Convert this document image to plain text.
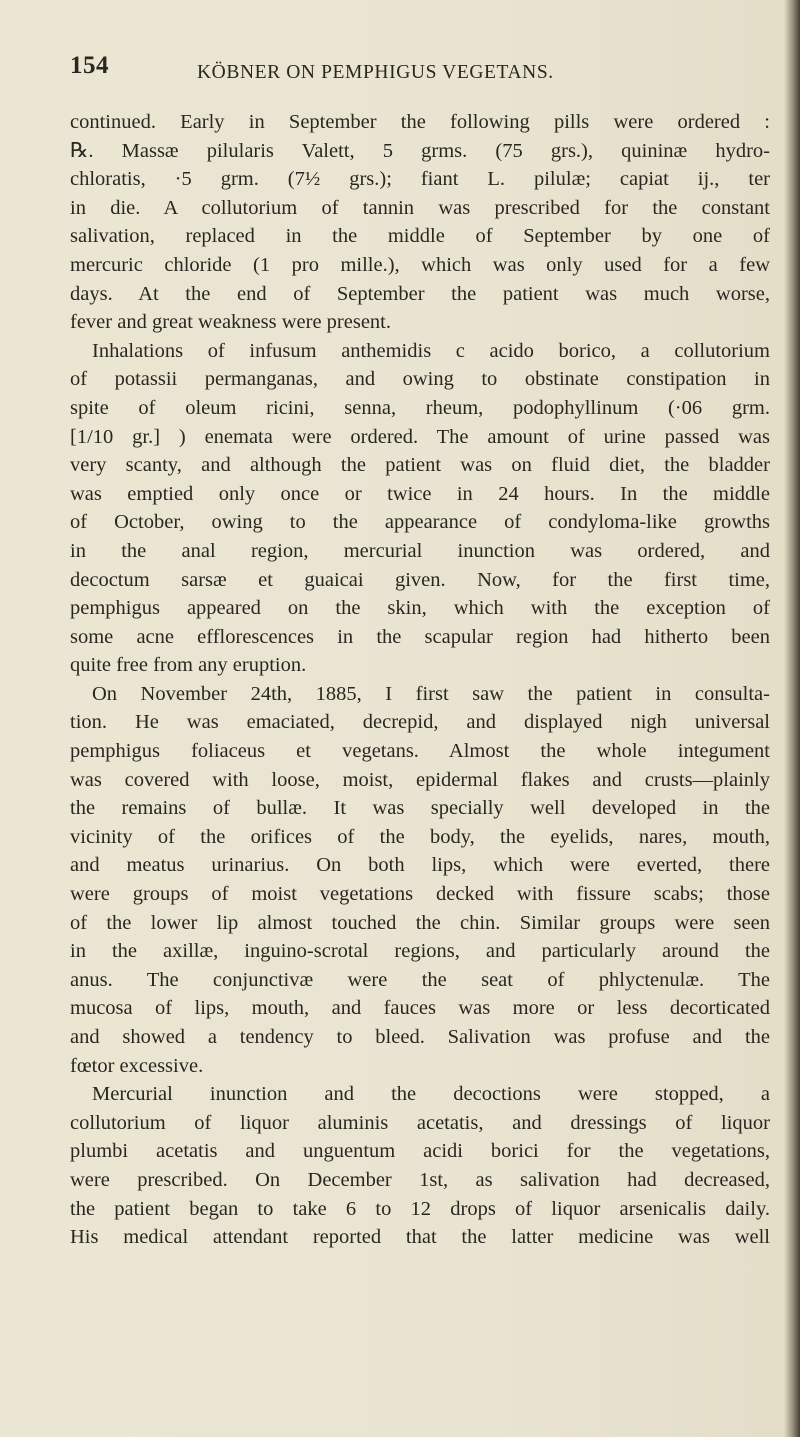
154	KÖBNER ON PEMPHIGUS VEGETANS.
continued. Early in September the following pills were ordered :
℞. Massæ pilularis Valett, 5 grms. (75 grs.), quininæ hydro-
chloratis, ·5 grm. (7½ grs.); fiant L. pilulæ; capiat ij., ter
in die. A collutorium of tannin was prescribed for the constant
salivation, replaced in the middle of September by one of
mercuric chloride (1 pro mille.), which was only used for a few
days. At the end of September the patient was much worse,
fever and great weakness were present.
Inhalations of infusum anthemidis c acido borico, a collutorium
of potassii permanganas, and owing to obstinate constipation in
spite of oleum ricini, senna, rheum, podophyllinum (·06 grm.
[1/10 gr.] ) enemata were ordered. The amount of urine passed was
very scanty, and although the patient was on fluid diet, the bladder
was emptied only once or twice in 24 hours. In the middle
of October, owing to the appearance of condyloma-like growths
in the anal region, mercurial inunction was ordered, and
decoctum sarsæ et guaicai given. Now, for the first time,
pemphigus appeared on the skin, which with the exception of
some acne efflorescences in the scapular region had hitherto been
quite free from any eruption.
On November 24th, 1885, I first saw the patient in consulta-
tion. He was emaciated, decrepid, and displayed nigh universal
pemphigus foliaceus et vegetans. Almost the whole integument
was covered with loose, moist, epidermal flakes and crusts—plainly
the remains of bullæ. It was specially well developed in the
vicinity of the orifices of the body, the eyelids, nares, mouth,
and meatus urinarius. On both lips, which were everted, there
were groups of moist vegetations decked with fissure scabs; those
of the lower lip almost touched the chin. Similar groups were seen
in the axillæ, inguino-scrotal regions, and particularly around the
anus. The conjunctivæ were the seat of phlyctenulæ. The
mucosa of lips, mouth, and fauces was more or less decorticated
and showed a tendency to bleed. Salivation was profuse and the
fœtor excessive.
Mercurial inunction and the decoctions were stopped, a
collutorium of liquor aluminis acetatis, and dressings of liquor
plumbi acetatis and unguentum acidi borici for the vegetations,
were prescribed. On December 1st, as salivation had decreased,
the patient began to take 6 to 12 drops of liquor arsenicalis daily.
His medical attendant reported that the latter medicine was well
